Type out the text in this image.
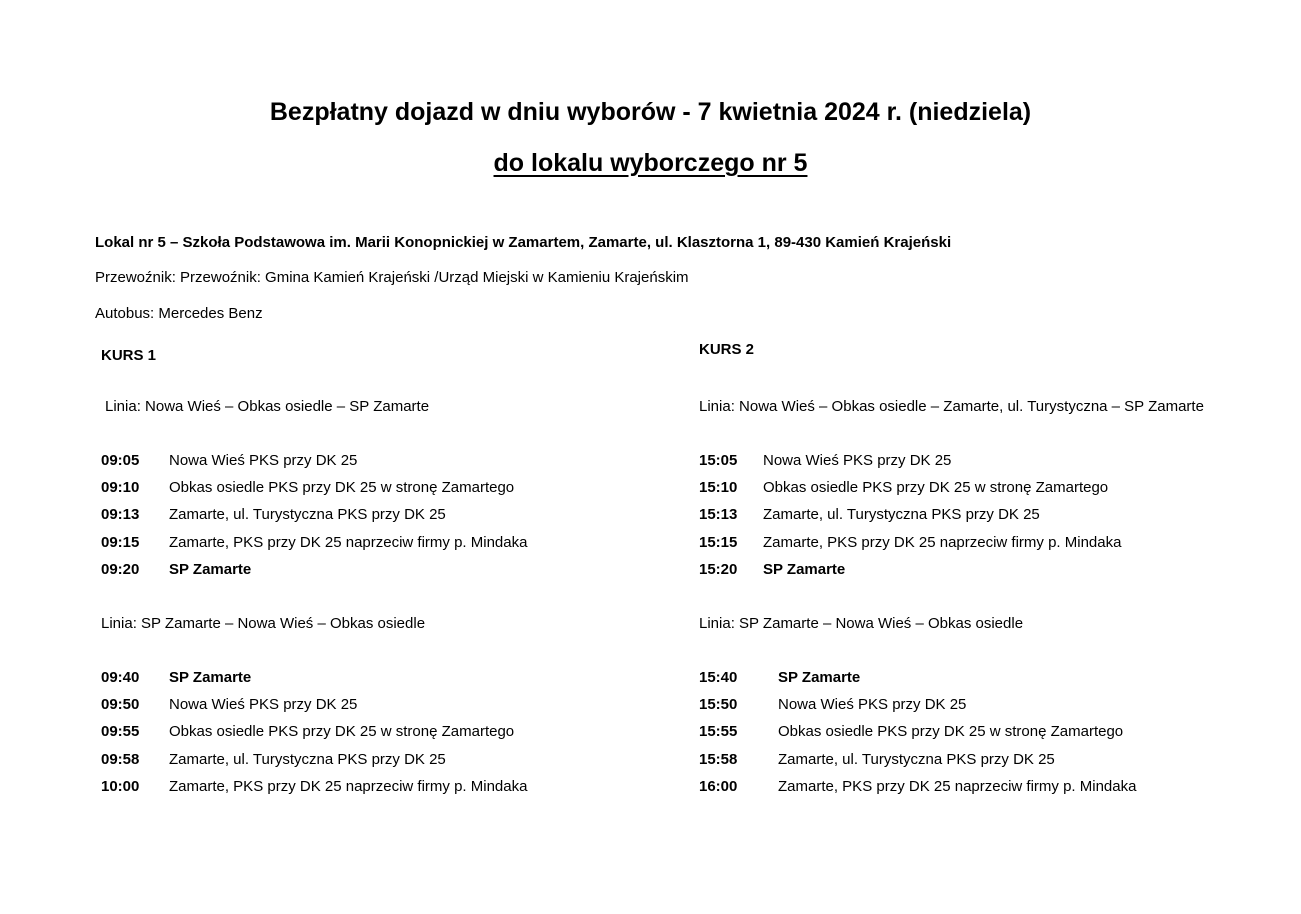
Bezpłatny dojazd w dniu wyborów - 7 kwietnia 2024 r. (niedziela)
do lokalu wyborczego nr 5
Lokal nr 5 – Szkoła Podstawowa im. Marii Konopnickiej w Zamartem, Zamarte, ul. Klasztorna 1, 89-430 Kamień Krajeński
Przewoźnik: Przewoźnik: Gmina Kamień Krajeński /Urząd Miejski w Kamieniu Krajeńskim
Autobus: Mercedes Benz
KURS 1
Linia: Nowa Wieś – Obkas osiedle – SP Zamarte
09:05 Nowa Wieś PKS przy DK 25
09:10 Obkas osiedle PKS przy DK 25 w stronę Zamartego
09:13 Zamarte, ul. Turystyczna PKS przy DK 25
09:15 Zamarte, PKS przy DK 25 naprzeciw firmy p. Mindaka
09:20 SP Zamarte
Linia: SP Zamarte – Nowa Wieś – Obkas osiedle
09:40 SP Zamarte
09:50 Nowa Wieś PKS przy DK 25
09:55 Obkas osiedle PKS przy DK 25 w stronę Zamartego
09:58 Zamarte, ul. Turystyczna PKS przy DK 25
10:00 Zamarte, PKS przy DK 25 naprzeciw firmy p. Mindaka
KURS 2
Linia: Nowa Wieś – Obkas osiedle – Zamarte, ul. Turystyczna – SP Zamarte
15:05 Nowa Wieś PKS przy DK 25
15:10 Obkas osiedle PKS przy DK 25 w stronę Zamartego
15:13 Zamarte, ul. Turystyczna PKS przy DK 25
15:15 Zamarte, PKS przy DK 25 naprzeciw firmy p. Mindaka
15:20 SP Zamarte
Linia: SP Zamarte – Nowa Wieś – Obkas osiedle
15:40	SP Zamarte
15:50	Nowa Wieś PKS przy DK 25
15:55	Obkas osiedle PKS przy DK 25 w stronę Zamartego
15:58	Zamarte, ul. Turystyczna PKS przy DK 25
16:00	Zamarte, PKS przy DK 25 naprzeciw firmy p. Mindaka
